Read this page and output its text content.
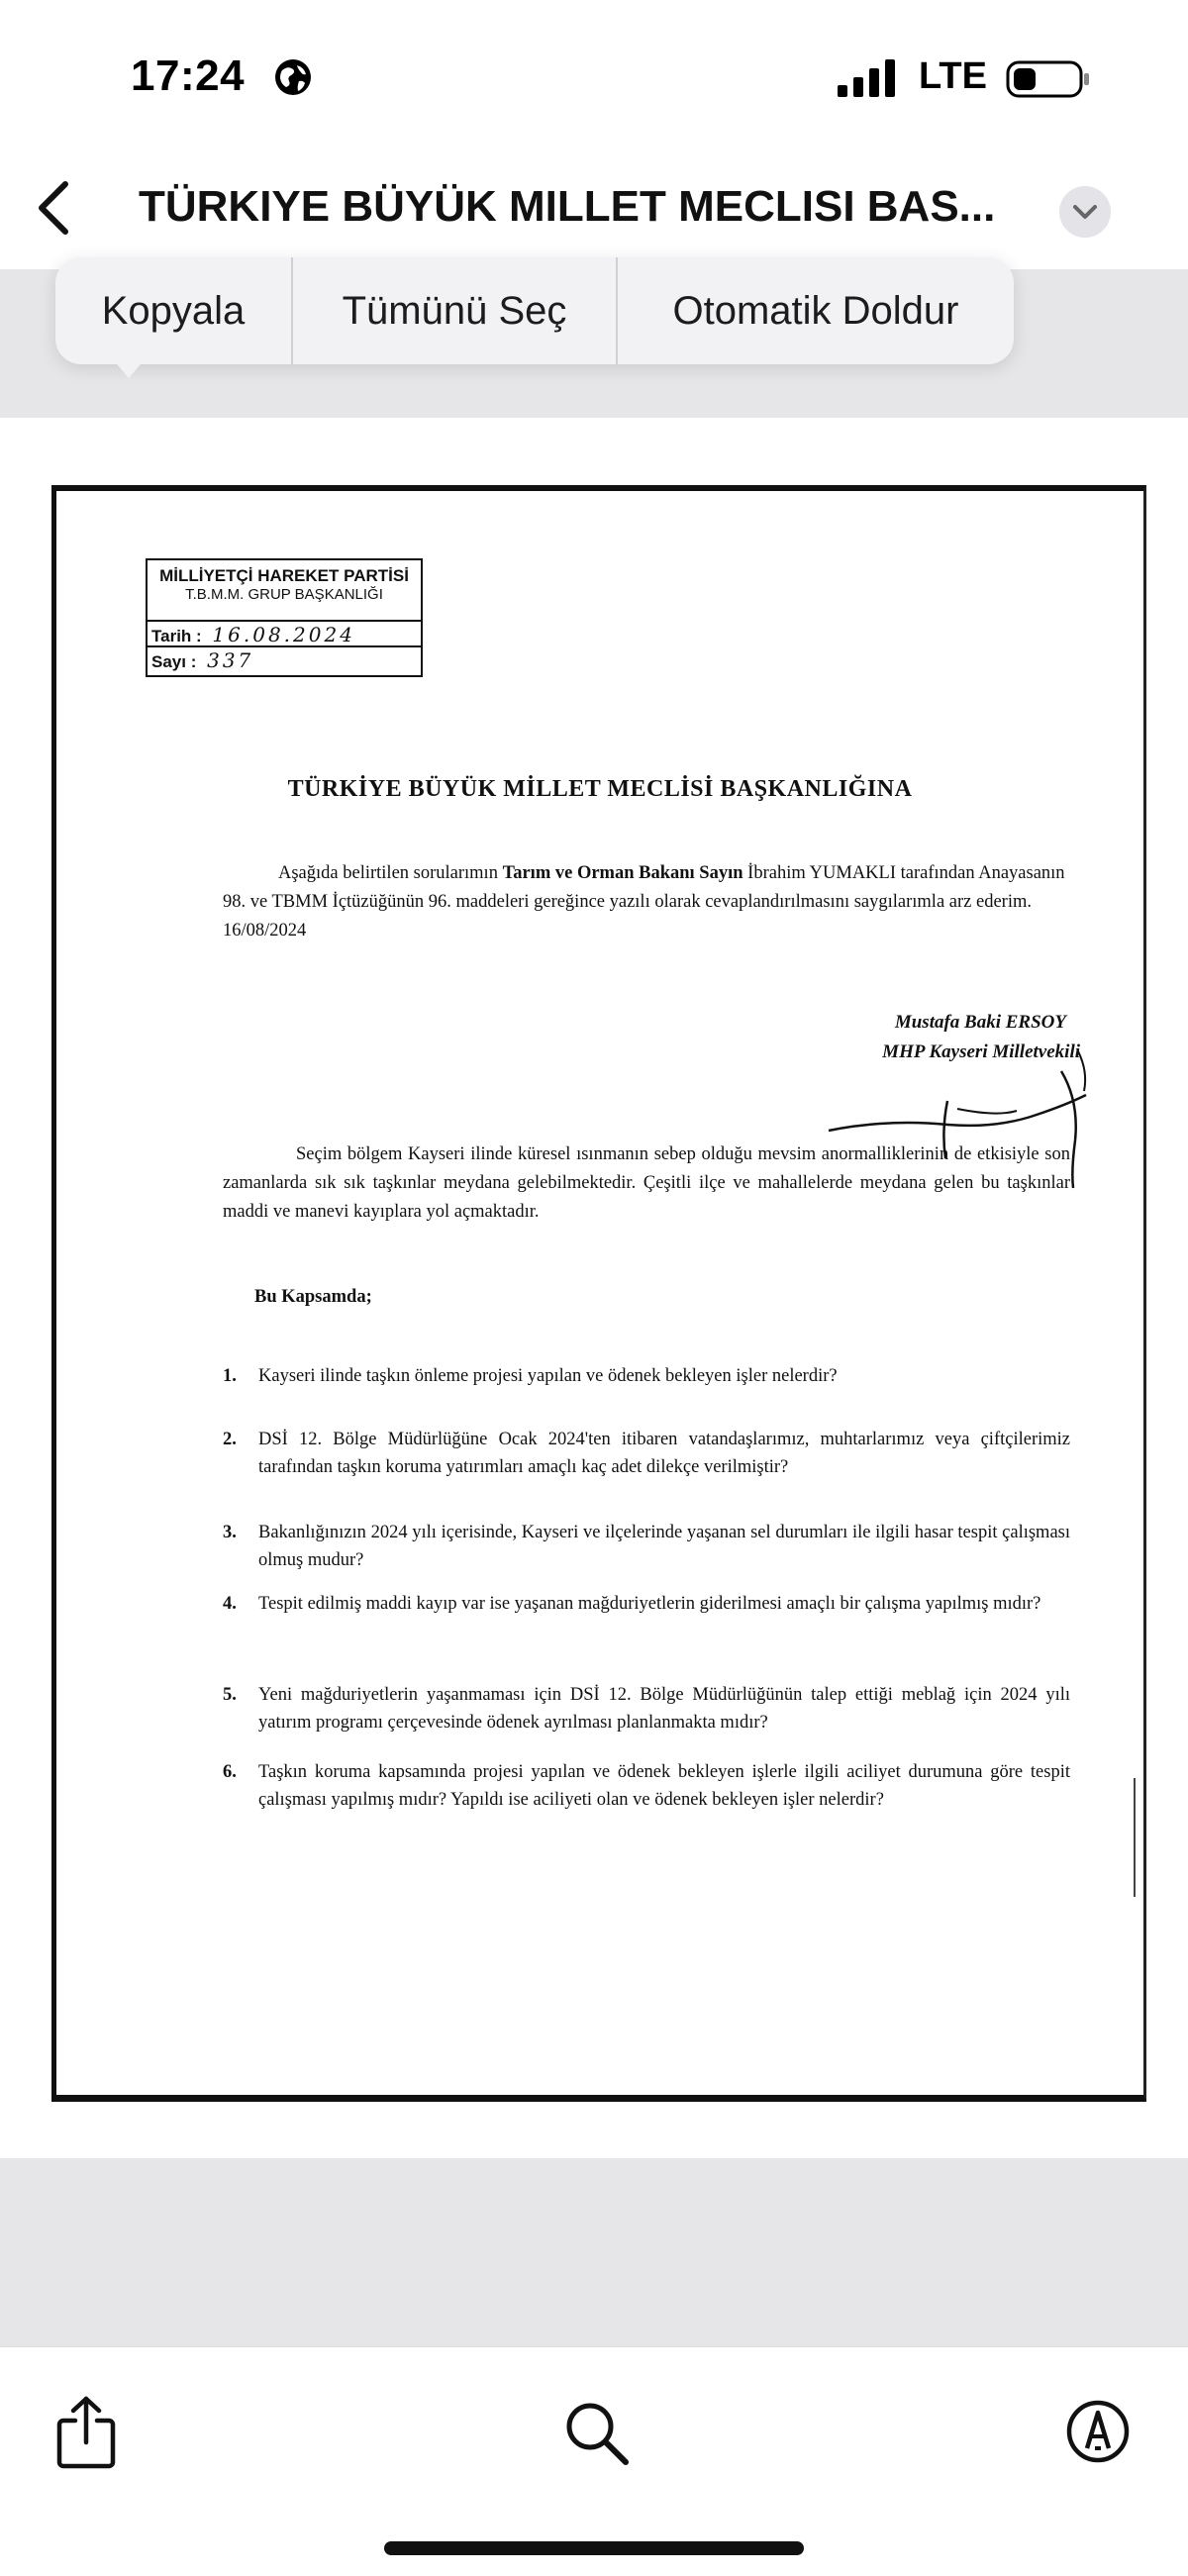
17:24	LTE
TÜRKIYE BÜYÜK MILLET MECLISI BAS...
Kopyala	Tümünü Seç	Otomatik Doldur
MİLLİYETÇİ HAREKET PARTİSİ
T.B.M.M. GRUP BAŞKANLIĞI
Tarih : 16.08.2024
Sayı : 337
TÜRKİYE BÜYÜK MİLLET MECLİSİ BAŞKANLIĞINA
Aşağıda belirtilen sorularımın Tarım ve Orman Bakanı Sayın İbrahim YUMAKLI tarafından Anayasanın 98. ve TBMM İçtüzüğünün 96. maddeleri gereğince yazılı olarak cevaplandırılmasını saygılarımla arz ederim. 16/08/2024
Mustafa Baki ERSOY
MHP Kayseri Milletvekili
Seçim bölgem Kayseri ilinde küresel ısınmanın sebep olduğu mevsim anormalliklerinin de etkisiyle son zamanlarda sık sık taşkınlar meydana gelebilmektedir. Çeşitli ilçe ve mahallelerde meydana gelen bu taşkınlar maddi ve manevi kayıplara yol açmaktadır.
Bu Kapsamda;
1. Kayseri ilinde taşkın önleme projesi yapılan ve ödenek bekleyen işler nelerdir?
2. DSİ 12. Bölge Müdürlüğüne Ocak 2024'ten itibaren vatandaşlarımız, muhtarlarımız veya çiftçilerimiz tarafından taşkın koruma yatırımları amaçlı kaç adet dilekçe verilmiştir?
3. Bakanlığınızın 2024 yılı içerisinde, Kayseri ve ilçelerinde yaşanan sel durumları ile ilgili hasar tespit çalışması olmuş mudur?
4. Tespit edilmiş maddi kayıp var ise yaşanan mağduriyetlerin giderilmesi amaçlı bir çalışma yapılmış mıdır?
5. Yeni mağduriyetlerin yaşanmaması için DSİ 12. Bölge Müdürlüğünün talep ettiği meblağ için 2024 yılı yatırım programı çerçevesinde ödenek ayrılması planlanmakta mıdır?
6. Taşkın koruma kapsamında projesi yapılan ve ödenek bekleyen işlerle ilgili aciliyet durumuna göre tespit çalışması yapılmış mıdır? Yapıldı ise aciliyeti olan ve ödenek bekleyen işler nelerdir?
